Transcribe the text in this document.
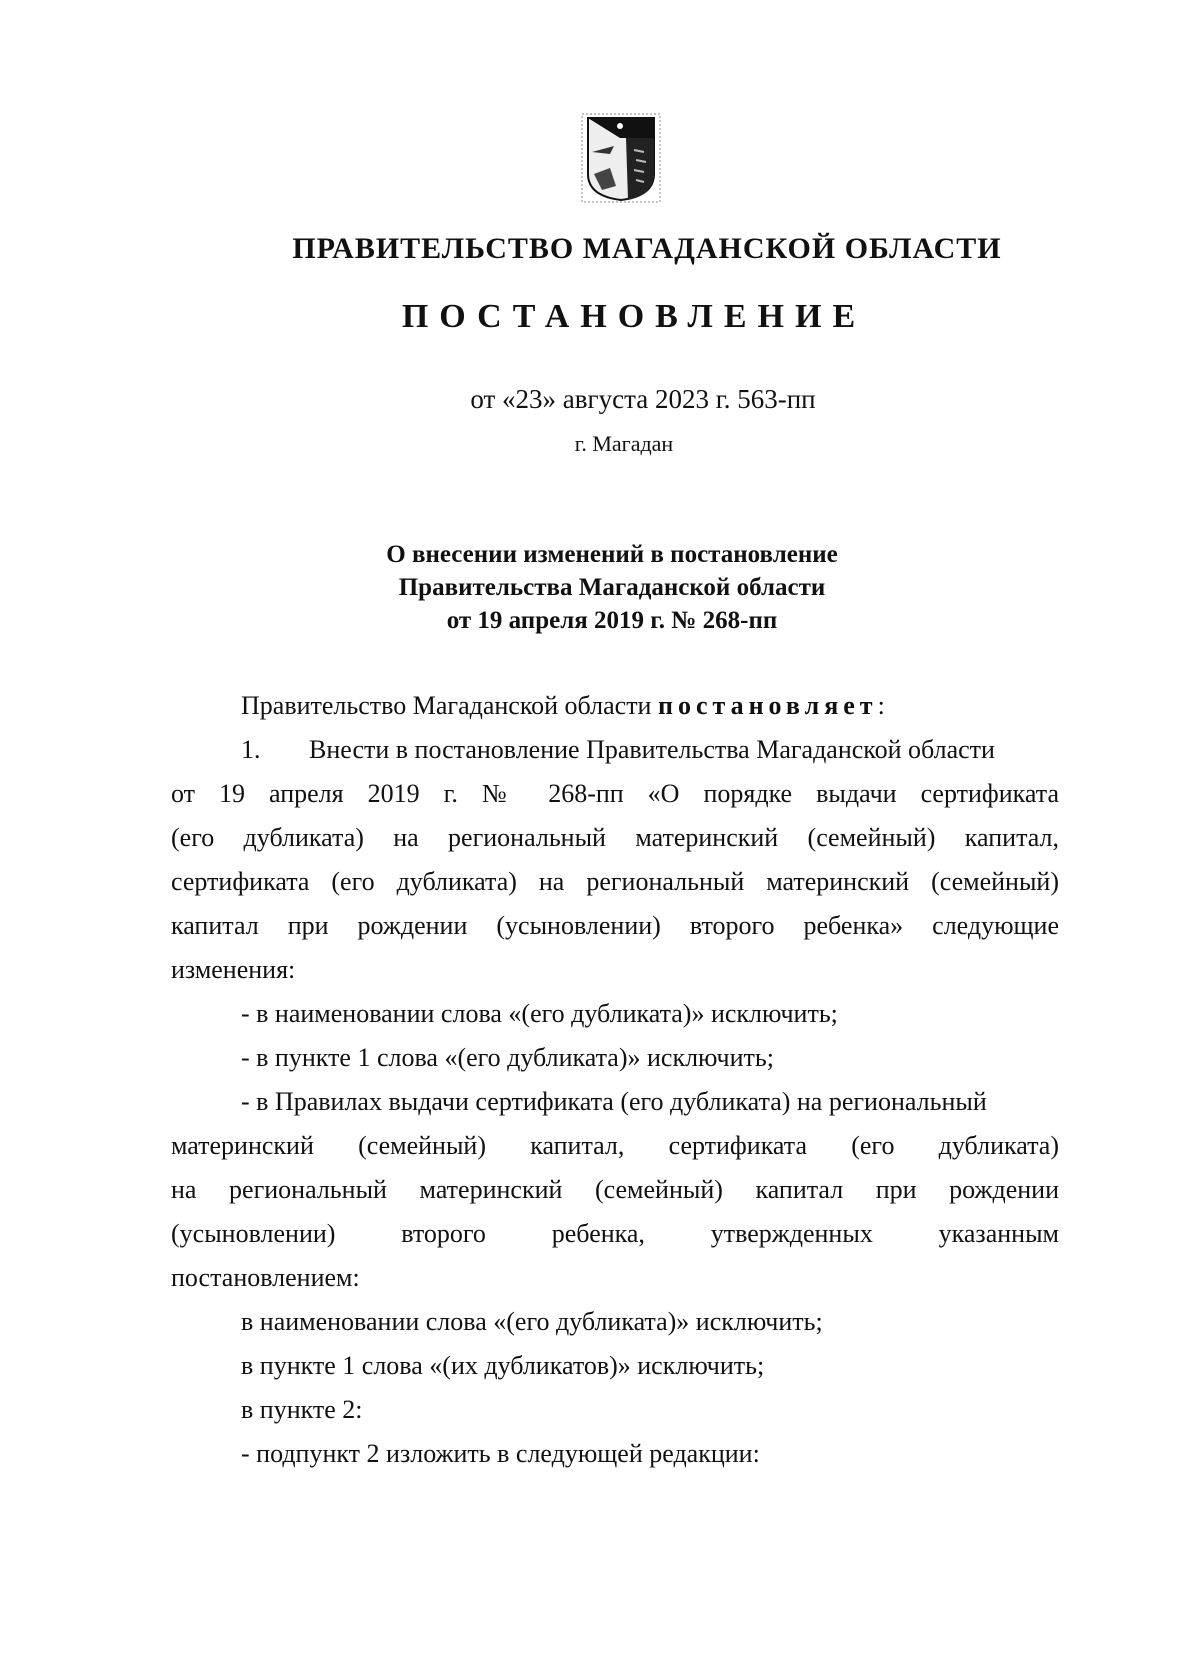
ПРАВИТЕЛЬСТВО МАГАДАНСКОЙ ОБЛАСТИ
ПОСТАНОВЛЕНИЕ
от «23» августа 2023 г. 563-пп
г. Магадан
О внесении изменений в постановление
Правительства Магаданской области
от 19 апреля 2019 г. № 268-пп
Правительство Магаданской области постановляет:
1. Внести в постановление Правительства Магаданской области
от 19 апреля 2019 г. № 268-пп «О порядке выдачи сертификата
(его дубликата) на региональный материнский (семейный) капитал,
сертификата (его дубликата) на региональный материнский (семейный)
капитал при рождении (усыновлении) второго ребенка» следующие
изменения:
- в наименовании слова «(его дубликата)» исключить;
- в пункте 1 слова «(его дубликата)» исключить;
- в Правилах выдачи сертификата (его дубликата) на региональный
материнский (семейный) капитал, сертификата (его дубликата)
на региональный материнский (семейный) капитал при рождении
(усыновлении) второго ребенка, утвержденных указанным
постановлением:
в наименовании слова «(его дубликата)» исключить;
в пункте 1 слова «(их дубликатов)» исключить;
в пункте 2:
- подпункт 2 изложить в следующей редакции:
